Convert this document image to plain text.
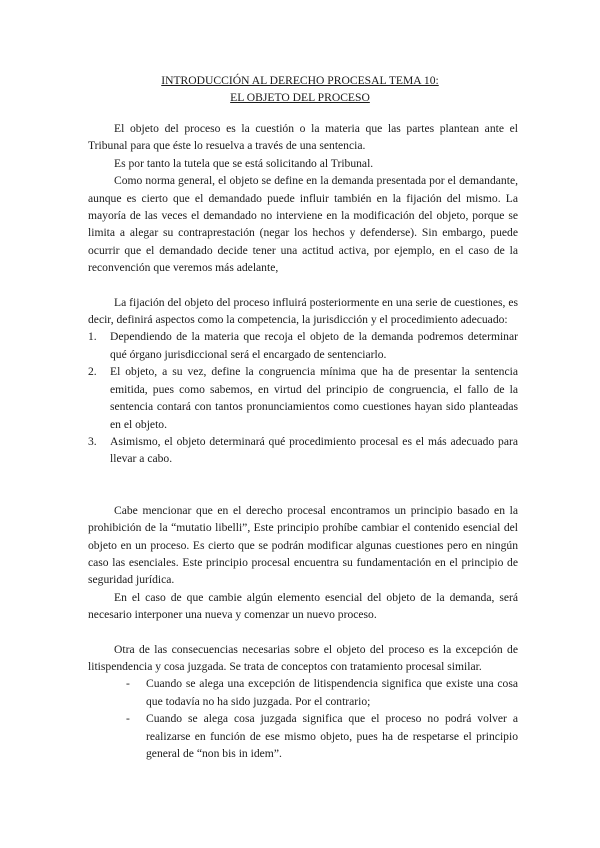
INTRODUCCIÓN AL DERECHO PROCESAL TEMA 10:
EL OBJETO DEL PROCESO

El objeto del proceso es la cuestión o la materia que las partes plantean ante el Tribunal para que éste lo resuelva a través de una sentencia.

Es por tanto la tutela que se está solicitando al Tribunal.

Como norma general, el objeto se define en la demanda presentada por el demandante, aunque es cierto que el demandado puede influir también en la fijación del mismo. La mayoría de las veces el demandado no interviene en la modificación del objeto, porque se limita a alegar su contraprestación (negar los hechos y defenderse). Sin embargo, puede ocurrir que el demandado decide tener una actitud activa, por ejemplo, en el caso de la reconvención que veremos más adelante,

La fijación del objeto del proceso influirá posteriormente en una serie de cuestiones, es decir, definirá aspectos como la competencia, la jurisdicción y el procedimiento adecuado:

1. Dependiendo de la materia que recoja el objeto de la demanda podremos determinar qué órgano jurisdiccional será el encargado de sentenciarlo.
2. El objeto, a su vez, define la congruencia mínima que ha de presentar la sentencia emitida, pues como sabemos, en virtud del principio de congruencia, el fallo de la sentencia contará con tantos pronunciamientos como cuestiones hayan sido planteadas en el objeto.
3. Asimismo, el objeto determinará qué procedimiento procesal es el más adecuado para llevar a cabo.

Cabe mencionar que en el derecho procesal encontramos un principio basado en la prohibición de la “mutatio libelli”, Este principio prohíbe cambiar el contenido esencial del objeto en un proceso. Es cierto que se podrán modificar algunas cuestiones pero en ningún caso las esenciales. Este principio procesal encuentra su fundamentación en el principio de seguridad jurídica.

En el caso de que cambie algún elemento esencial del objeto de la demanda, será necesario interponer una nueva y comenzar un nuevo proceso.

Otra de las consecuencias necesarias sobre el objeto del proceso es la excepción de litispendencia y cosa juzgada. Se trata de conceptos con tratamiento procesal similar.

- Cuando se alega una excepción de litispendencia significa que existe una cosa que todavía no ha sido juzgada. Por el contrario;
- Cuando se alega cosa juzgada significa que el proceso no podrá volver a realizarse en función de ese mismo objeto, pues ha de respetarse el principio general de “non bis in idem”.
